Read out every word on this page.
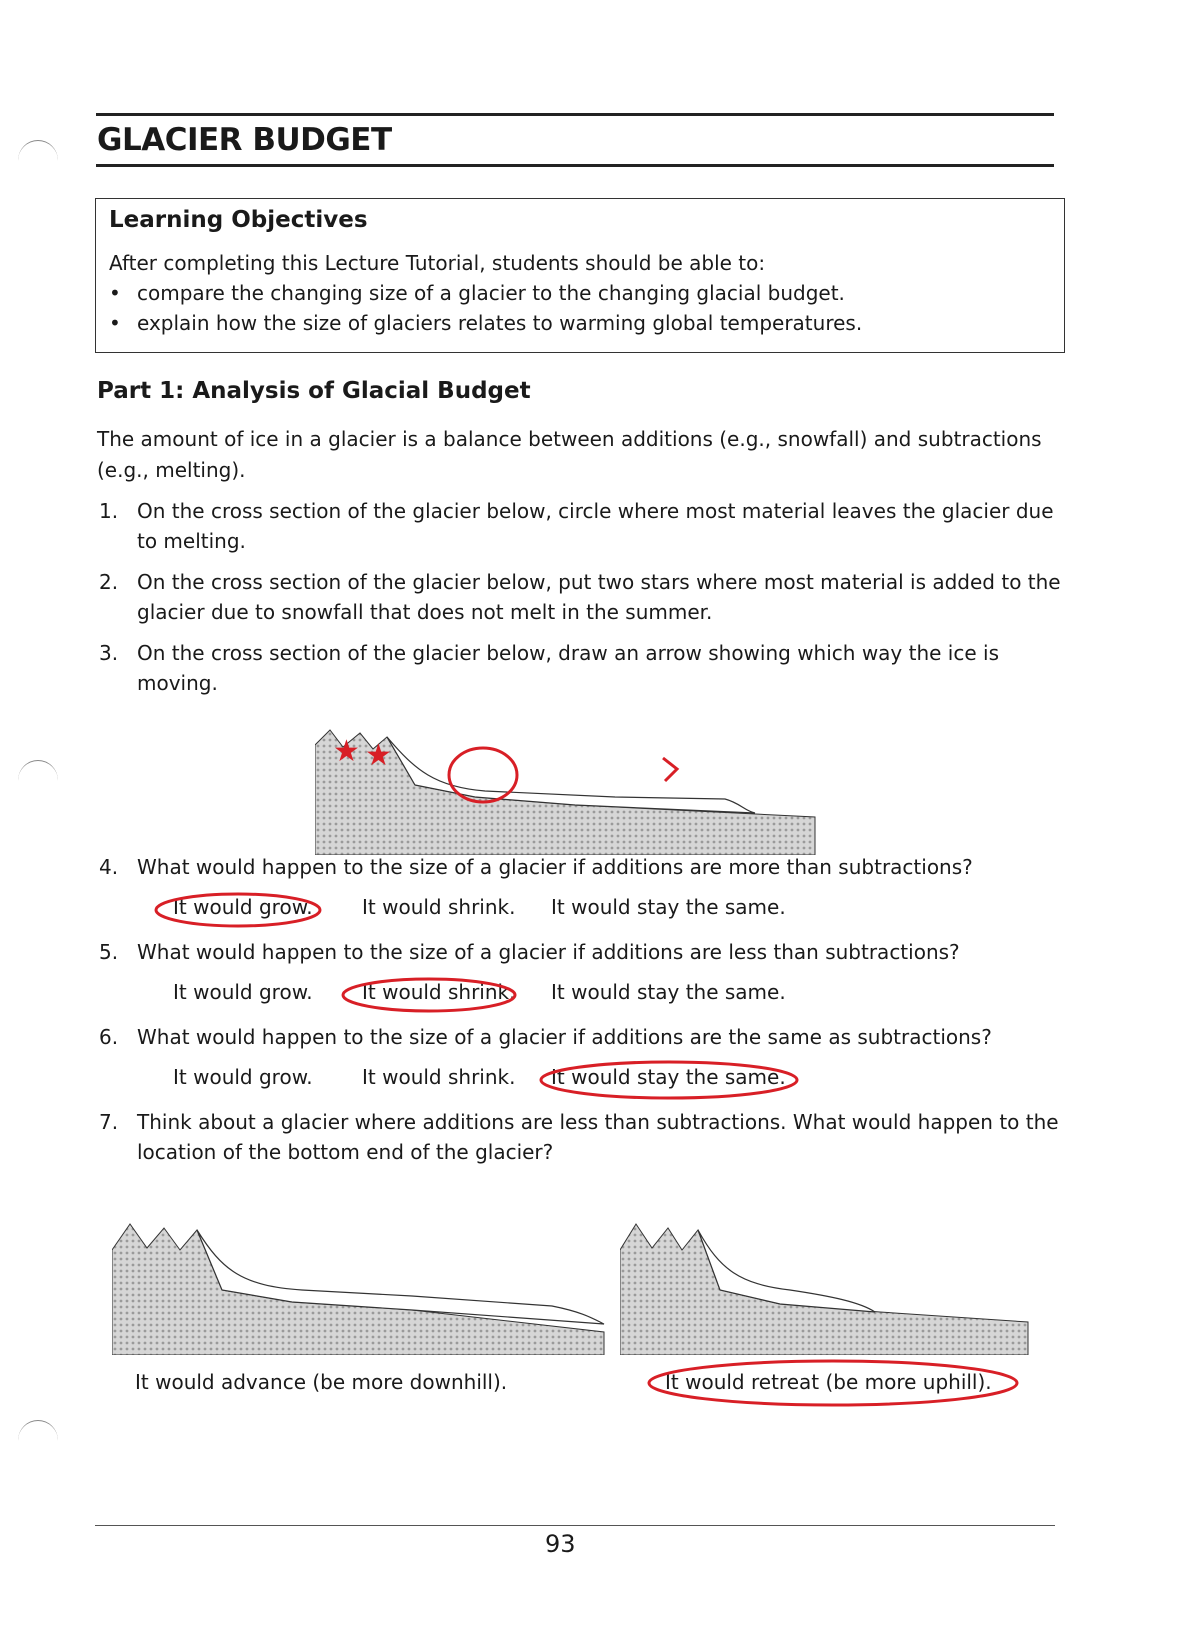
GLACIER BUDGET
Learning Objectives
After completing this Lecture Tutorial, students should be able to:
• compare the changing size of a glacier to the changing glacial budget.
• explain how the size of glaciers relates to warming global temperatures.
Part 1: Analysis of Glacial Budget
The amount of ice in a glacier is a balance between additions (e.g., snowfall) and subtractions (e.g., melting).
1. On the cross section of the glacier below, circle where most material leaves the glacier due to melting.
2. On the cross section of the glacier below, put two stars where most material is added to the glacier due to snowfall that does not melt in the summer.
3. On the cross section of the glacier below, draw an arrow showing which way the ice is moving.
★ ★
4. What would happen to the size of a glacier if additions are more than subtractions?
It would grow. It would shrink. It would stay the same.
5. What would happen to the size of a glacier if additions are less than subtractions?
It would grow. It would shrink. It would stay the same.
6. What would happen to the size of a glacier if additions are the same as subtractions?
It would grow. It would shrink. It would stay the same.
7. Think about a glacier where additions are less than subtractions. What would happen to the location of the bottom end of the glacier?
It would advance (be more downhill).	It would retreat (be more uphill).
93
